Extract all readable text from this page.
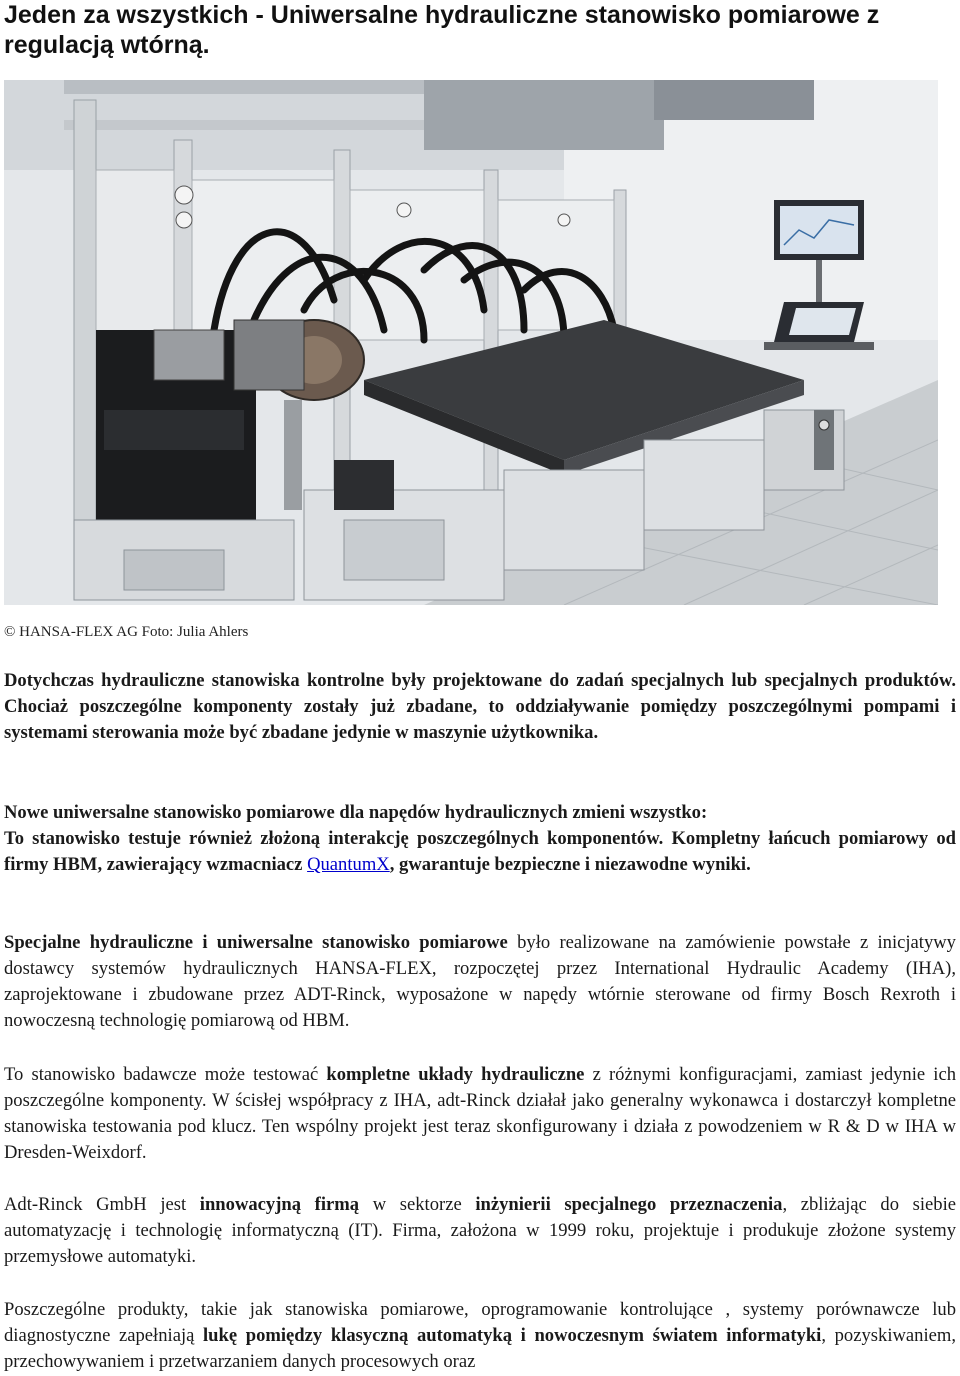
Jeden za wszystkich - Uniwersalne hydrauliczne stanowisko pomiarowe z regulacją wtórną.
© HANSA-FLEX AG Foto: Julia Ahlers

Dotychczas hydrauliczne stanowiska kontrolne były projektowane do zadań specjalnych lub specjalnych produktów. Chociaż poszczególne komponenty zostały już zbadane, to oddziaływanie pomiędzy poszczególnymi pompami i systemami sterowania może być zbadane jedynie w maszynie użytkownika.

Nowe uniwersalne stanowisko pomiarowe dla napędów hydraulicznych zmieni wszystko:
To stanowisko testuje również złożoną interakcję poszczególnych komponentów. Kompletny łańcuch pomiarowy od firmy HBM, zawierający wzmacniacz QuantumX, gwarantuje bezpieczne i niezawodne wyniki.

Specjalne hydrauliczne i uniwersalne stanowisko pomiarowe było realizowane na zamówienie powstałe z inicjatywy dostawcy systemów hydraulicznych HANSA-FLEX, rozpoczętej przez International Hydraulic Academy (IHA), zaprojektowane i zbudowane przez ADT-Rinck, wyposażone w napędy wtórnie sterowane od firmy Bosch Rexroth i nowoczesną technologię pomiarową od HBM.

To stanowisko badawcze może testować kompletne układy hydrauliczne z różnymi konfiguracjami, zamiast jedynie ich poszczególne komponenty. W ścisłej współpracy z IHA, adt-Rinck działał jako generalny wykonawca i dostarczył kompletne stanowiska testowania pod klucz. Ten wspólny projekt jest teraz skonfigurowany i działa z powodzeniem w R & D w IHA w Dresden-Weixdorf.

Adt-Rinck GmbH jest innowacyjną firmą w sektorze inżynierii specjalnego przeznaczenia, zbliżając do siebie automatyzację i technologię informatyczną (IT). Firma, założona w 1999 roku, projektuje i produkuje złożone systemy przemysłowe automatyki.

Poszczególne produkty, takie jak stanowiska pomiarowe, oprogramowanie kontrolujące , systemy porównawcze lub diagnostyczne zapełniają lukę pomiędzy klasyczną automatyką i nowoczesnym światem informatyki, pozyskiwaniem, przechowywaniem i przetwarzaniem danych procesowych oraz
